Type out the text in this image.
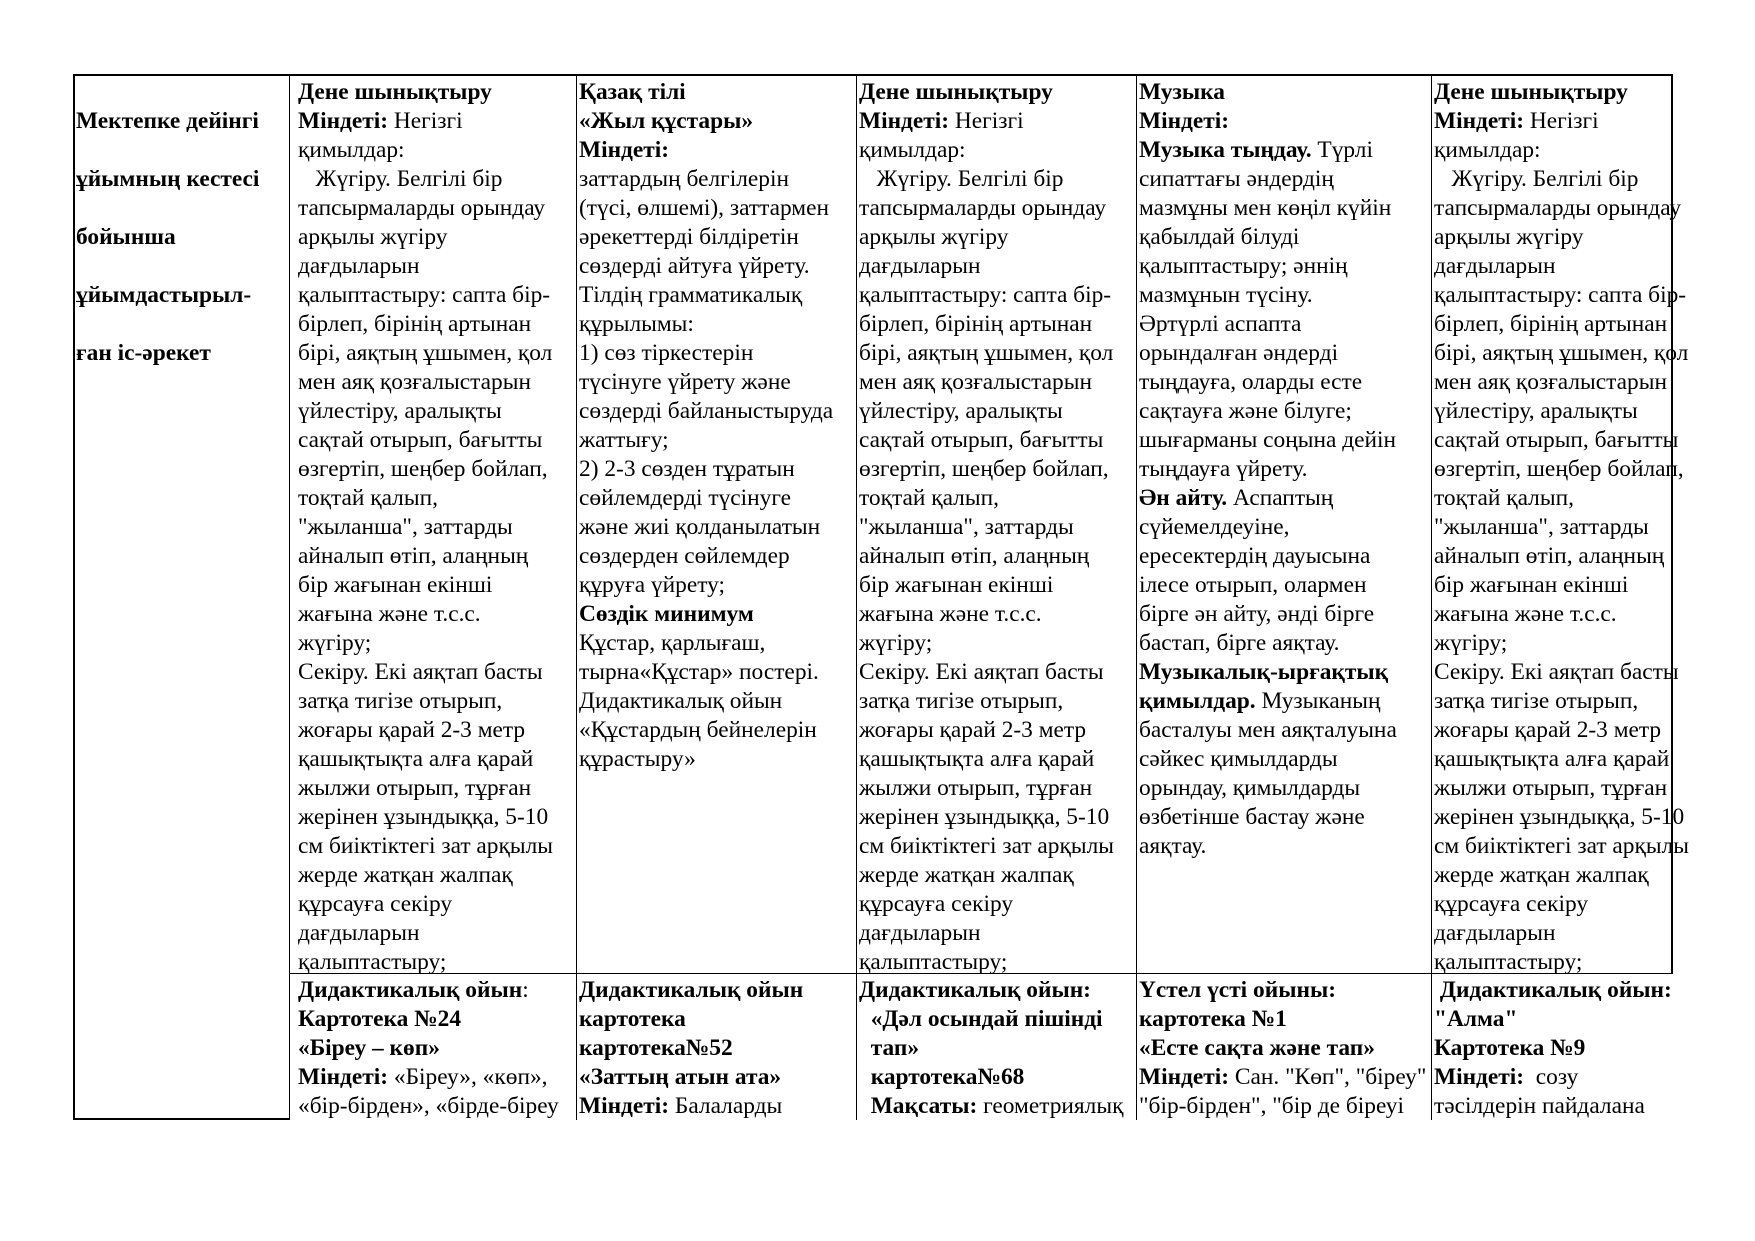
Мектепке дейінгі

ұйымның кестесі

бойынша

ұйымдастырыл-

ған іс-әрекет

Дене шынықтыру
Міндеті: Негізгі
қимылдар:
Жүгіру. Белгілі бір
тапсырмаларды орындау
арқылы жүгіру
дағдыларын
қалыптастыру: сапта бір-
бірлеп, бірінің артынан
бірі, аяқтың ұшымен, қол
мен аяқ қозғалыстарын
үйлестіру, аралықты
сақтай отырып, бағытты
өзгертіп, шеңбер бойлап,
тоқтай қалып,
"жыланша", заттарды
айналып өтіп, алаңның
бір жағынан екінші
жағына және т.с.с.
жүгіру;
Секіру. Екі аяқтап басты
затқа тигізе отырып,
жоғары қарай 2-3 метр
қашықтықта алға қарай
жылжи отырып, тұрған
жерінен ұзындыққа, 5-10
см биіктіктегі зат арқылы
жерде жатқан жалпақ
құрсауға секіру
дағдыларын
қалыптастыру;
Қазақ тілі
«Жыл құстары»
Міндеті:
заттардың белгілерін
(түсі, өлшемі), заттармен
әрекеттерді білдіретін
сөздерді айтуға үйрету.
Тілдің грамматикалық
құрылымы:
1) сөз тіркестерін
түсінуге үйрету және
сөздерді байланыстыруда
жаттығу;
2) 2-3 сөзден тұратын
сөйлемдерді түсінуге
және жиі қолданылатын
сөздерден сөйлемдер
құруға үйрету;
Сөздік минимум
Құстар, қарлығаш,
тырна«Құстар» постері.
Дидактикалық ойын
«Құстардың бейнелерін
құрастыру»
Дене шынықтыру
Міндеті: Негізгі
қимылдар:
Жүгіру. Белгілі бір
тапсырмаларды орындау
арқылы жүгіру
дағдыларын
қалыптастыру: сапта бір-
бірлеп, бірінің артынан
бірі, аяқтың ұшымен, қол
мен аяқ қозғалыстарын
үйлестіру, аралықты
сақтай отырып, бағытты
өзгертіп, шеңбер бойлап,
тоқтай қалып,
"жыланша", заттарды
айналып өтіп, алаңның
бір жағынан екінші
жағына және т.с.с.
жүгіру;
Секіру. Екі аяқтап басты
затқа тигізе отырып,
жоғары қарай 2-3 метр
қашықтықта алға қарай
жылжи отырып, тұрған
жерінен ұзындыққа, 5-10
см биіктіктегі зат арқылы
жерде жатқан жалпақ
құрсауға секіру
дағдыларын
қалыптастыру;
Музыка
Міндеті:
Музыка тыңдау. Түрлі
сипаттағы әндердің
мазмұны мен көңіл күйін
қабылдай білуді
қалыптастыру; әннің
мазмұнын түсіну.
Әртүрлі аспапта
орындалған әндерді
тыңдауға, оларды есте
сақтауға және білуге;
шығарманы соңына дейін
тыңдауға үйрету.
Ән айту. Аспаптың
сүйемелдеуіне,
ересектердің дауысына
ілесе отырып, олармен
бірге ән айту, әнді бірге
бастап, бірге аяқтау.
Музыкалық-ырғақтық
қимылдар. Музыканың
басталуы мен аяқталуына
сәйкес қимылдарды
орындау, қимылдарды
өзбетінше бастау және
аяқтау.
Дене шынықтыру
Міндеті: Негізгі
қимылдар:
Жүгіру. Белгілі бір
тапсырмаларды орындау
арқылы жүгіру
дағдыларын
қалыптастыру: сапта бір-
бірлеп, бірінің артынан
бірі, аяқтың ұшымен, қол
мен аяқ қозғалыстарын
үйлестіру, аралықты
сақтай отырып, бағытты
өзгертіп, шеңбер бойлап,
тоқтай қалып,
"жыланша", заттарды
айналып өтіп, алаңның
бір жағынан екінші
жағына және т.с.с.
жүгіру;
Секіру. Екі аяқтап басты
затқа тигізе отырып,
жоғары қарай 2-3 метр
қашықтықта алға қарай
жылжи отырып, тұрған
жерінен ұзындыққа, 5-10
см биіктіктегі зат арқылы
жерде жатқан жалпақ
құрсауға секіру
дағдыларын
қалыптастыру;
Дидактикалық ойын:
Картотека №24
«Біреу – көп»
Міндеті: «Біреу», «көп»,
«бір-бірден», «бірде-біреу
Дидактикалық ойын
картотека
картотека№52
«Заттың атын ата»
Міндеті: Балаларды
Дидактикалық ойын:
«Дәл осындай пішінді
тап»
картотека№68
Мақсаты: геометриялық
Үстел үсті ойыны:
картотека №1
«Есте сақта және тап»
Міндеті: Сан. "Көп", "біреу"
"бір-бірден", "бір де біреуі
Дидактикалық ойын:
"Алма"
Картотека №9
Міндеті:  созу
тәсілдерін пайдалана
